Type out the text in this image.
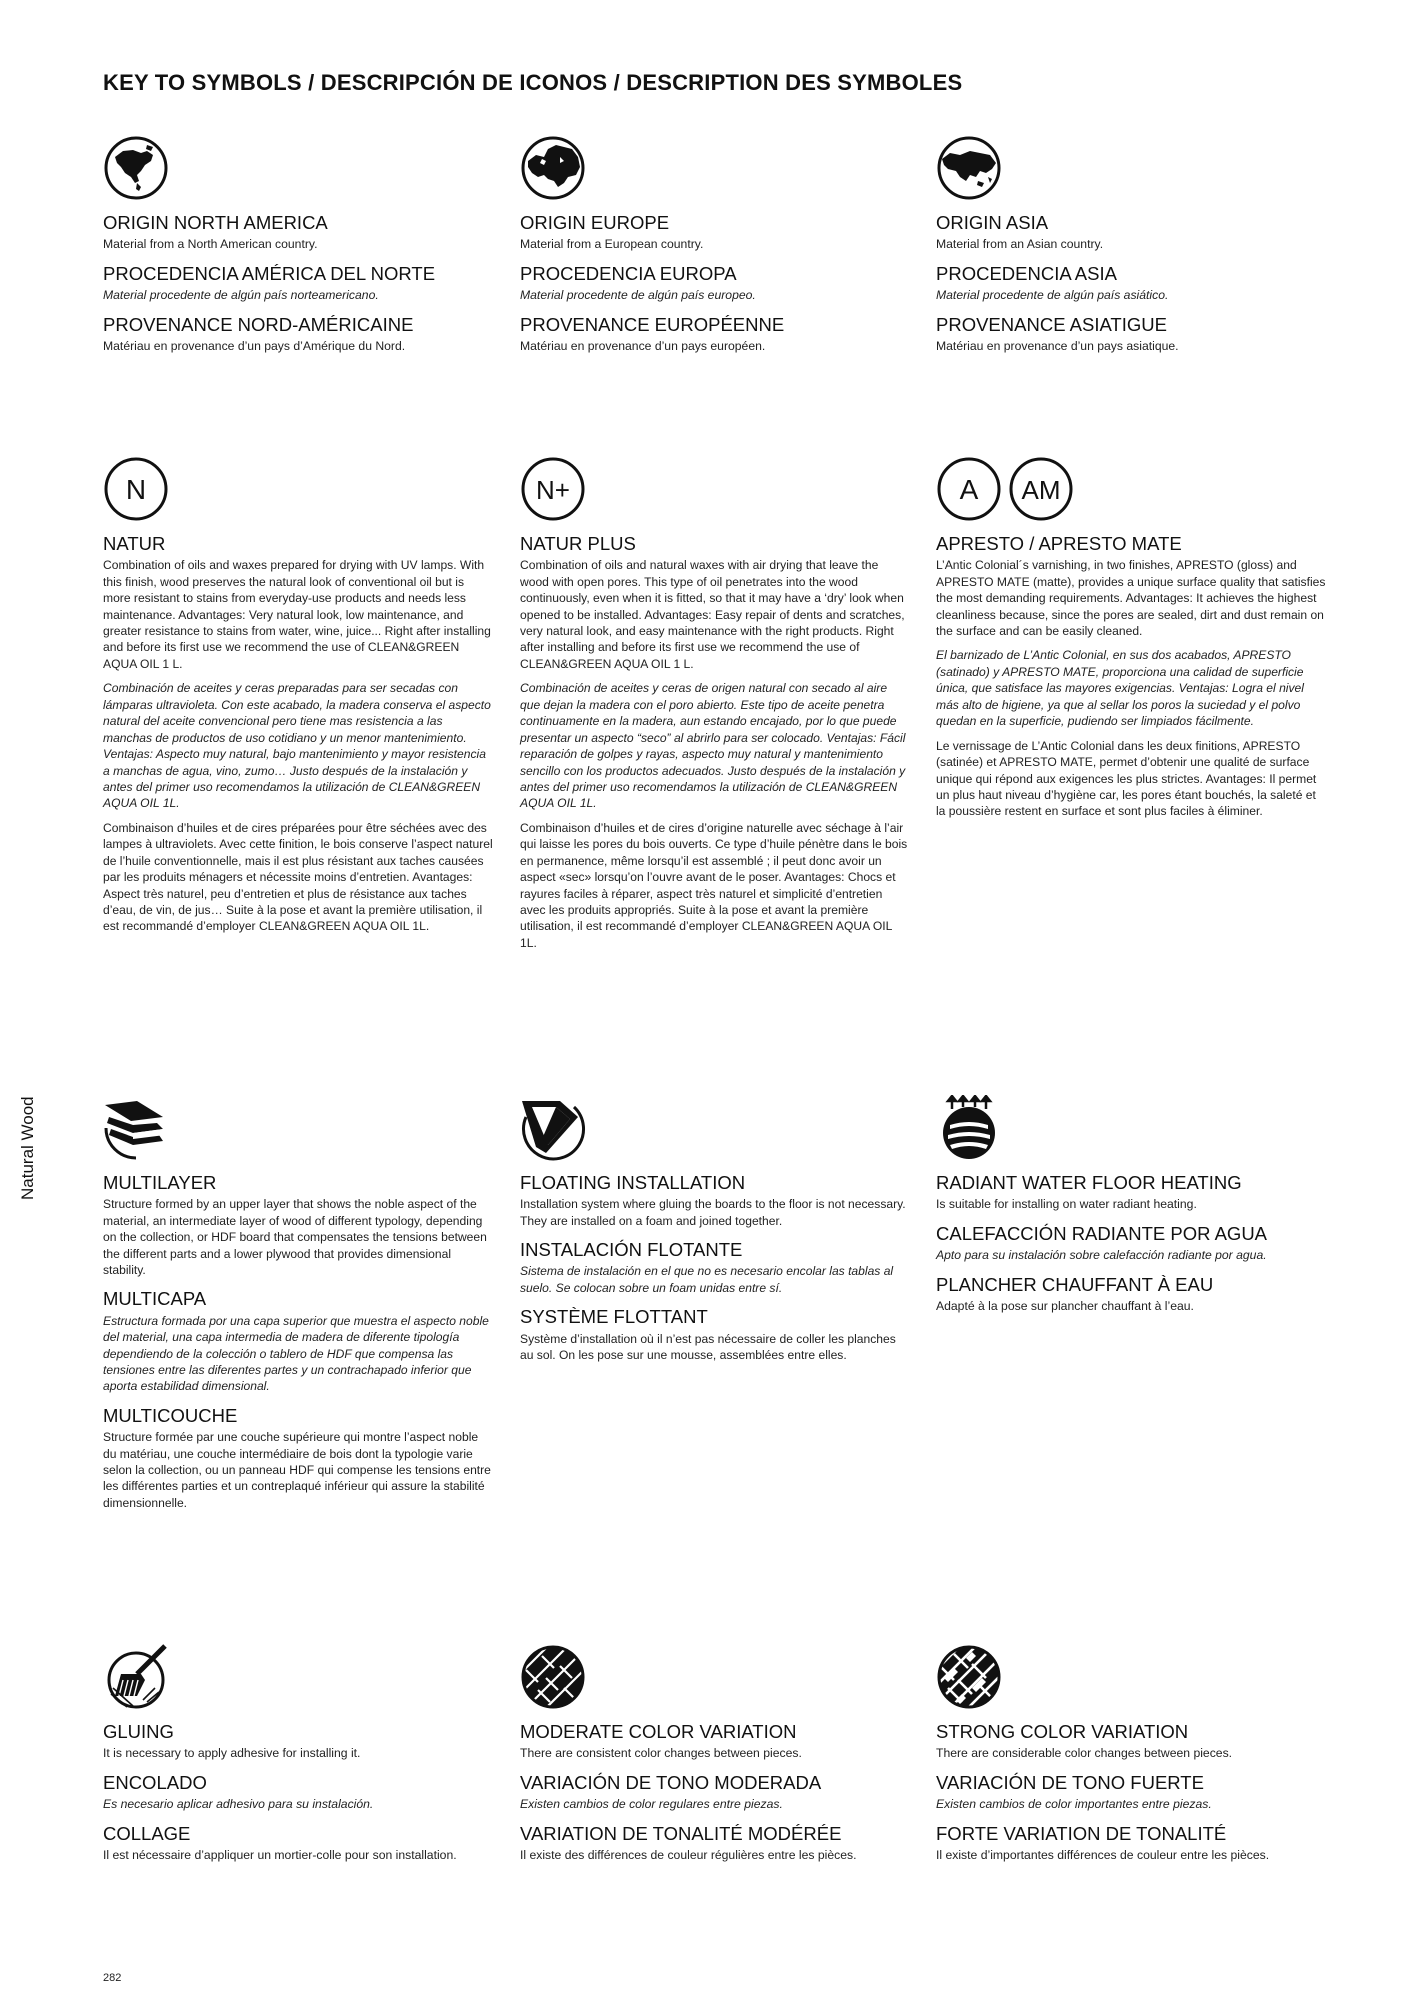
KEY TO SYMBOLS / DESCRIPCIÓN DE ICONOS / DESCRIPTION DES SYMBOLES
ORIGIN NORTH AMERICA
Material from a North American country.
PROCEDENCIA AMÉRICA DEL NORTE
Material procedente de algún país norteamericano.
PROVENANCE NORD-AMÉRICAINE
Matériau en provenance d’un pays d’Amérique du Nord.
ORIGIN EUROPE
Material from a European country.
PROCEDENCIA EUROPA
Material procedente de algún país europeo.
PROVENANCE EUROPÉENNE
Matériau en provenance d’un pays européen.
ORIGIN ASIA
Material from an Asian country.
PROCEDENCIA ASIA
Material procedente de algún país asiático.
PROVENANCE ASIATIGUE
Matériau en provenance d’un pays asiatique.
N
NATUR
Combination of oils and waxes prepared for drying with UV lamps. With this finish, wood preserves the natural look of conventional oil but is more resistant to stains from everyday-use products and needs less maintenance. Advantages: Very natural look, low maintenance, and greater resistance to stains from water, wine, juice... Right after installing and before its first use we recommend the use of CLEAN&GREEN AQUA OIL 1 L.
Combinación de aceites y ceras preparadas para ser secadas con lámparas ultravioleta. Con este acabado, la madera conserva el aspecto natural del aceite convencional pero tiene mas resistencia a las manchas de productos de uso cotidiano y un menor mantenimiento. Ventajas: Aspecto muy natural, bajo mantenimiento y mayor resistencia a manchas de agua, vino, zumo… Justo después de la instalación y antes del primer uso recomendamos la utilización de CLEAN&GREEN AQUA OIL 1L.
Combinaison d’huiles et de cires préparées pour être séchées avec des lampes à ultraviolets. Avec cette finition, le bois conserve l’aspect naturel de l’huile conventionnelle, mais il est plus résistant aux taches causées par les produits ménagers et nécessite moins d’entretien. Avantages: Aspect très naturel, peu d’entretien et plus de résistance aux taches d’eau, de vin, de jus… Suite à la pose et avant la première utilisation, il est recommandé d’employer CLEAN&GREEN AQUA OIL 1L.
N+
NATUR PLUS
Combination of oils and natural waxes with air drying that leave the wood with open pores. This type of oil penetrates into the wood continuously, even when it is fitted, so that it may have a ‘dry’ look when opened to be installed. Advantages: Easy repair of dents and scratches, very natural look, and easy maintenance with the right products. Right after installing and before its first use we recommend the use of CLEAN&GREEN AQUA OIL 1 L.
Combinación de aceites y ceras de origen natural con secado al aire que dejan la madera con el poro abierto. Este tipo de aceite penetra continuamente en la madera, aun estando encajado, por lo que puede presentar un aspecto “seco” al abrirlo para ser colocado. Ventajas: Fácil reparación de golpes y rayas, aspecto muy natural y mantenimiento sencillo con los productos adecuados. Justo después de la instalación y antes del primer uso recomendamos la utilización de CLEAN&GREEN AQUA OIL 1L.
Combinaison d’huiles et de cires d’origine naturelle avec séchage à l’air qui laisse les pores du bois ouverts. Ce type d’huile pénètre dans le bois en permanence, même lorsqu’il est assemblé ; il peut donc avoir un aspect «sec» lorsqu’on l’ouvre avant de le poser. Avantages: Chocs et rayures faciles à réparer, aspect très naturel et simplicité d’entretien avec les produits appropriés. Suite à la pose et avant la première utilisation, il est recommandé d’employer CLEAN&GREEN AQUA OIL 1L.
A AM
APRESTO / APRESTO MATE
L’Antic Colonial´s varnishing, in two finishes, APRESTO (gloss) and APRESTO MATE (matte), provides a unique surface quality that satisfies the most demanding requirements. Advantages: It achieves the highest cleanliness because, since the pores are sealed, dirt and dust remain on the surface and can be easily cleaned.
El barnizado de L’Antic Colonial, en sus dos acabados, APRESTO (satinado) y APRESTO MATE, proporciona una calidad de superficie única, que satisface las mayores exigencias. Ventajas: Logra el nivel más alto de higiene, ya que al sellar los poros la suciedad y el polvo quedan en la superficie, pudiendo ser limpiados fácilmente.
Le vernissage de L’Antic Colonial dans les deux finitions, APRESTO (satinée) et APRESTO MATE, permet d’obtenir une qualité de surface unique qui répond aux exigences les plus strictes. Avantages: Il permet un plus haut niveau d’hygiène car, les pores étant bouchés, la saleté et la poussière restent en surface et sont plus faciles à éliminer.
MULTILAYER
Structure formed by an upper layer that shows the noble aspect of the material, an intermediate layer of wood of different typology, depending on the collection, or HDF board that compensates the tensions between the different parts and a lower plywood that provides dimensional stability.
MULTICAPA
Estructura formada por una capa superior que muestra el aspecto noble del material, una capa intermedia de madera de diferente tipología dependiendo de la colección o tablero de HDF que compensa las tensiones entre las diferentes partes y un contrachapado inferior que aporta estabilidad dimensional.
MULTICOUCHE
Structure formée par une couche supérieure qui montre l’aspect noble du matériau, une couche intermédiaire de bois dont la typologie varie selon la collection, ou un panneau HDF qui compense les tensions entre les différentes parties et un contreplaqué inférieur qui assure la stabilité dimensionnelle.
FLOATING INSTALLATION
Installation system where gluing the boards to the floor is not necessary. They are installed on a foam and joined together.
INSTALACIÓN FLOTANTE
Sistema de instalación en el que no es necesario encolar las tablas al suelo. Se colocan sobre un foam unidas entre sí.
SYSTÈME FLOTTANT
Système d’installation où il n’est pas nécessaire de coller les planches au sol. On les pose sur une mousse, assemblées entre elles.
RADIANT WATER FLOOR HEATING
Is suitable for installing on water radiant heating.
CALEFACCIÓN RADIANTE POR AGUA
Apto para su instalación sobre calefacción radiante por agua.
PLANCHER CHAUFFANT À EAU
Adapté à la pose sur plancher chauffant à l’eau.
GLUING
It is necessary to apply adhesive for installing it.
ENCOLADO
Es necesario aplicar adhesivo para su instalación.
COLLAGE
Il est nécessaire d’appliquer un mortier-colle pour son installation.
MODERATE COLOR VARIATION
There are consistent color changes between pieces.
VARIACIÓN DE TONO MODERADA
Existen cambios de color regulares entre piezas.
VARIATION DE TONALITÉ MODÉRÉE
Il existe des différences de couleur régulières entre les pièces.
STRONG COLOR VARIATION
There are considerable color changes between pieces.
VARIACIÓN DE TONO FUERTE
Existen cambios de color importantes entre piezas.
FORTE VARIATION DE TONALITÉ
Il existe d’importantes différences de couleur entre les pièces.
Natural Wood
282
